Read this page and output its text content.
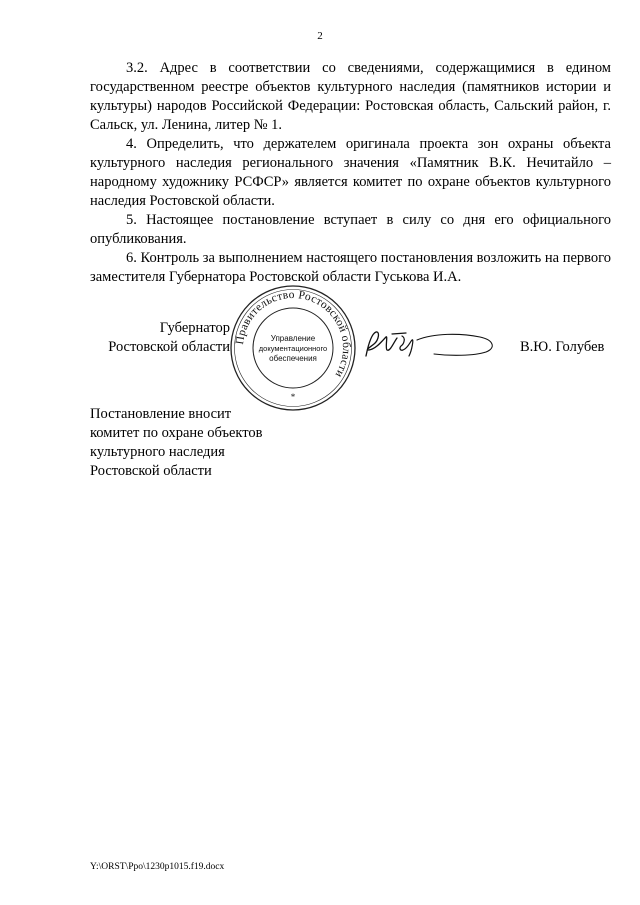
2

3.2. Адрес в соответствии со сведениями, содержащимися в едином государственном реестре объектов культурного наследия (памятников истории и культуры) народов Российской Федерации: Ростовская область, Сальский район, г. Сальск, ул. Ленина, литер № 1.

4. Определить, что держателем оригинала проекта зон охраны объекта культурного наследия регионального значения «Памятник В.К. Нечитайло – народному художнику РСФСР» является комитет по охране объектов культурного наследия Ростовской области.

5. Настоящее постановление вступает в силу со дня его официального опубликования.

6. Контроль за выполнением настоящего постановления возложить на первого заместителя Губернатора Ростовской области Гуськова И.А.

Губернатор
Ростовской области Правительство Ростовской области
Управление
документационного
обеспечения
*
В.Ю. Голубев
Постановление вносит
комитет по охране объектов
культурного наследия
Ростовской области
Y:\ORST\Ppo\1230p1015.f19.docx
